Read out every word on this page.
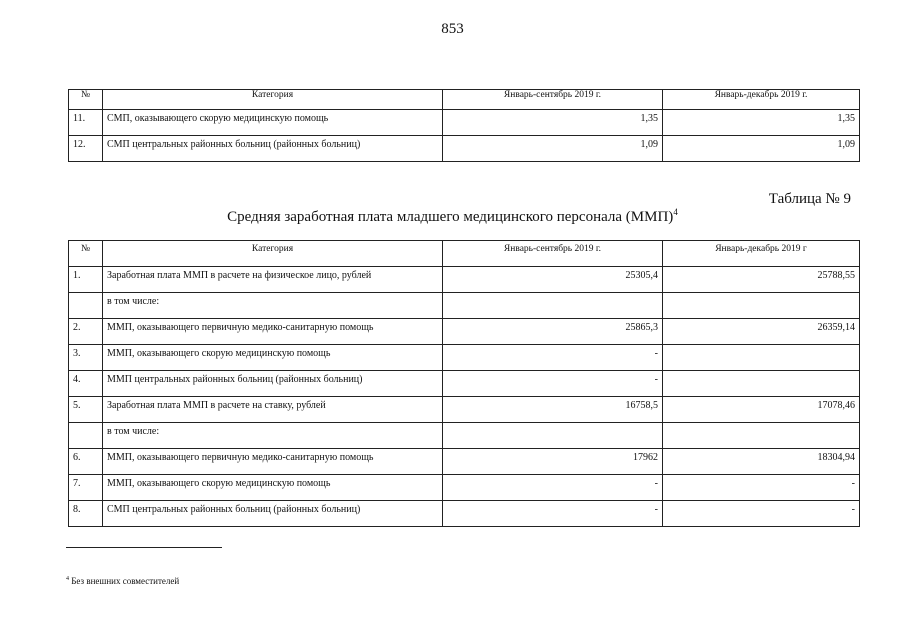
853
№	Категория	Январь-сентябрь 2019 г.	Январь-декабрь 2019 г.
11.	СМП, оказывающего скорую медицинскую помощь	1,35	1,35
12.	СМП центральных районных больниц (районных больниц)	1,09	1,09
Таблица № 9
Средняя заработная плата младшего медицинского персонала (ММП)$^4$
№	Категория	Январь-сентябрь 2019 г.	Январь-декабрь 2019 г
1.	Заработная плата ММП в расчете на физическое лицо, рублей	25305,4	25788,55
	в том числе:		
2.	ММП, оказывающего первичную медико-санитарную помощь	25865,3	26359,14
3.	ММП, оказывающего скорую медицинскую помощь	-	
4.	ММП центральных районных больниц (районных больниц)	-	
5.	Заработная плата ММП в расчете на ставку, рублей	16758,5	17078,46
	в том числе:		
6.	ММП, оказывающего первичную медико-санитарную помощь	17962	18304,94
7.	ММП, оказывающего скорую медицинскую помощь	-	-
8.	СМП центральных районных больниц (районных больниц)	-	-
$^4$ Без внешних совместителей
